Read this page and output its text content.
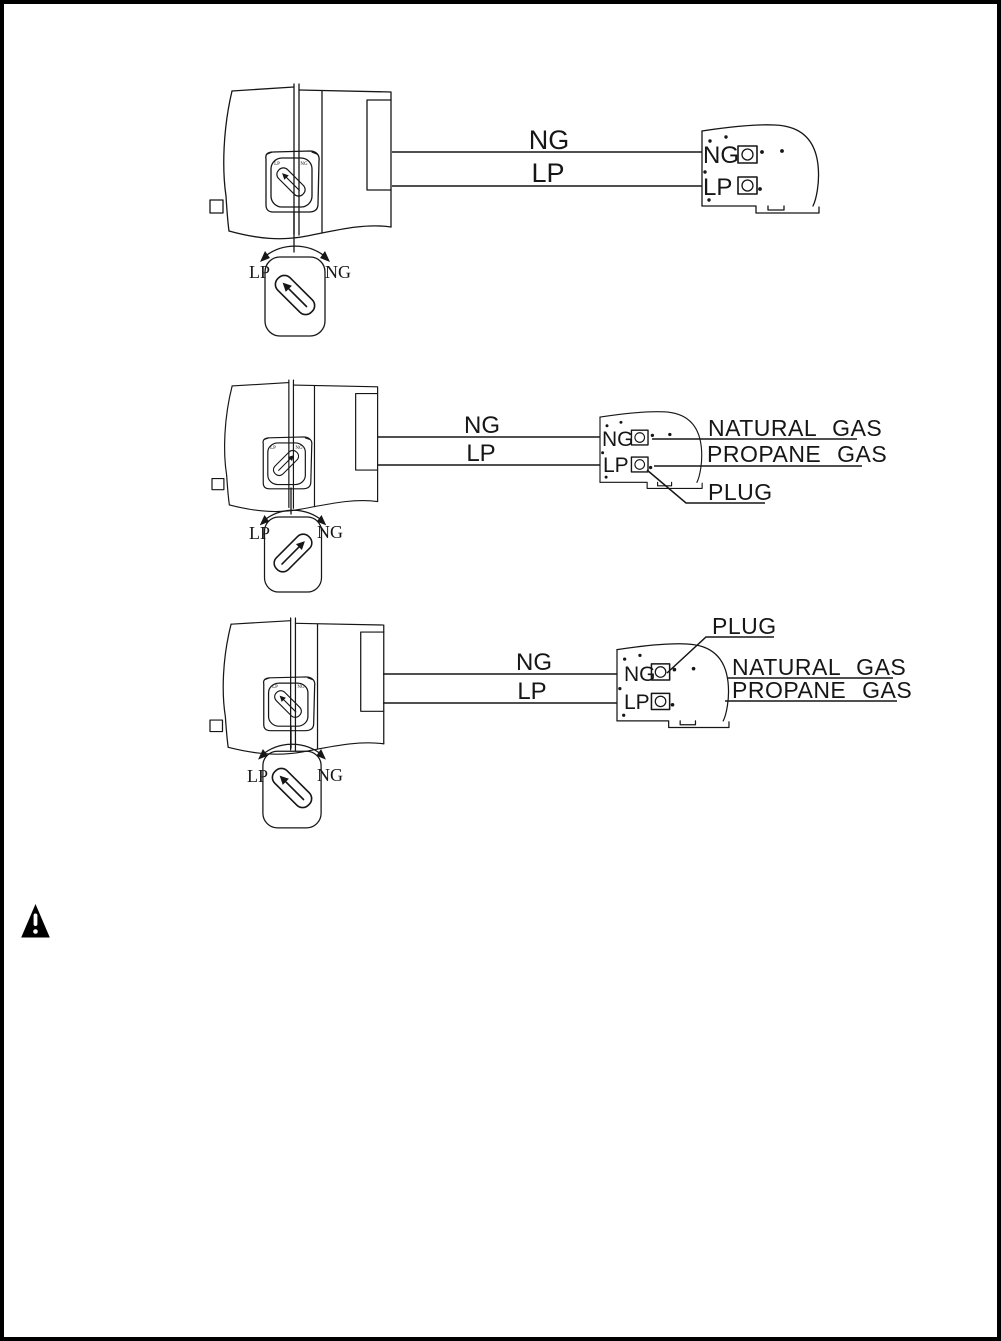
LP	NG
NG
LP
NG
LP
LP	NG
LP	NG
NG
LP
NG
LP
NATURAL GAS
PROPANE GAS
PLUG
LP	NG
LP	NG
NG
LP
NG
LP
PLUG
NATURAL GAS
PROPANE GAS
LP	NG
